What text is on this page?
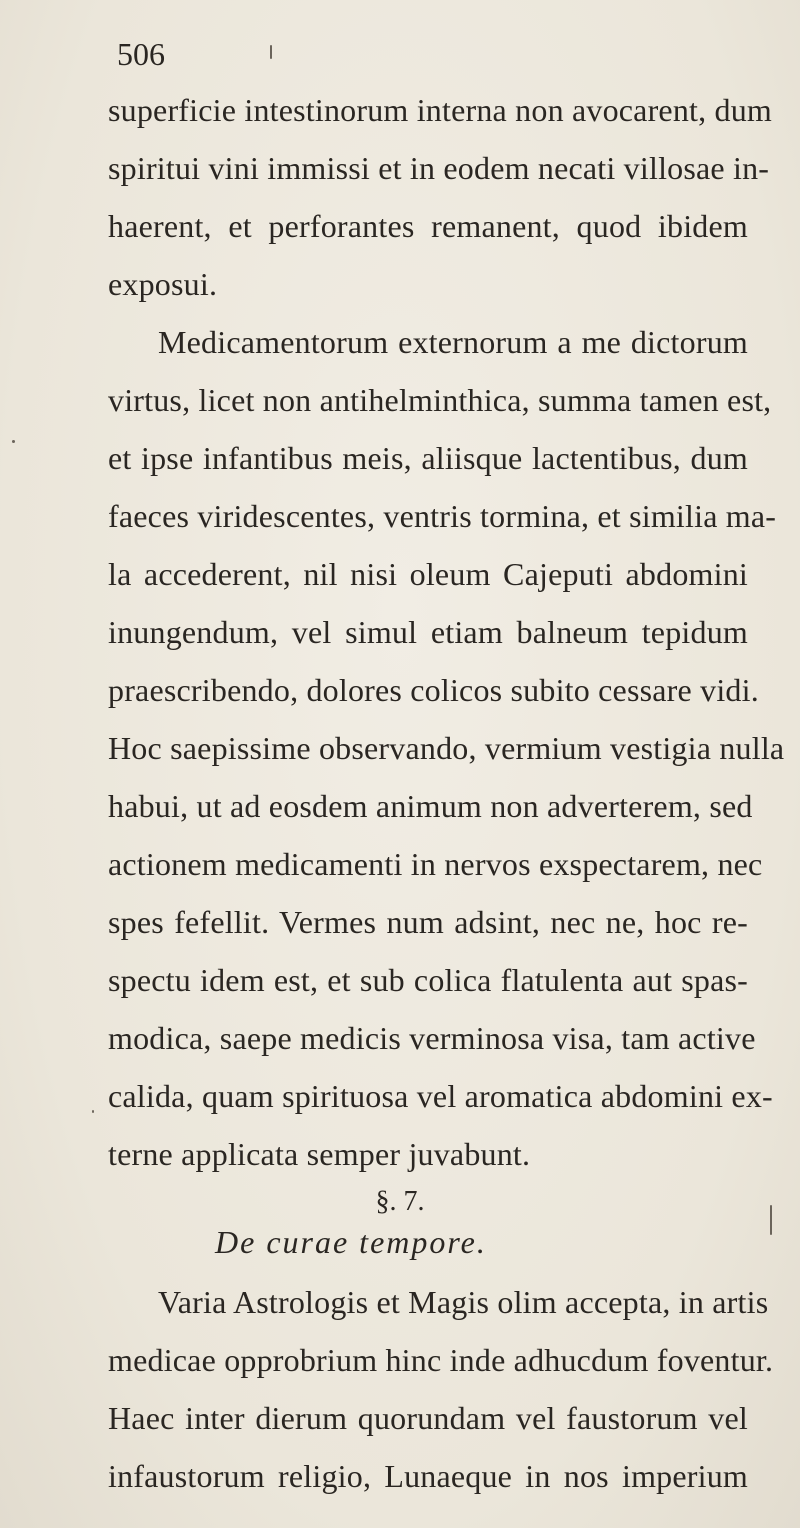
506
superficie intestinorum interna non avocarent, dum
spiritui vini immissi et in eodem necati villosae in-
haerent, et perforantes remanent, quod ibidem
exposui.
Medicamentorum externorum a me dictorum
virtus, licet non antihelminthica, summa tamen est,
et ipse infantibus meis, aliisque lactentibus, dum
faeces viridescentes, ventris tormina, et similia ma-
la accederent, nil nisi oleum Cajeputi abdomini
inungendum, vel simul etiam balneum tepidum
praescribendo, dolores colicos subito cessare vidi.
Hoc saepissime observando, vermium vestigia nulla
habui, ut ad eosdem animum non adverterem, sed
actionem medicamenti in nervos exspectarem, nec
spes fefellit. Vermes num adsint, nec ne, hoc re-
spectu idem est, et sub colica flatulenta aut spas-
modica, saepe medicis verminosa visa, tam active
calida, quam spirituosa vel aromatica abdomini ex-
terne applicata semper juvabunt.
§. 7.
De curae tempore.
Varia Astrologis et Magis olim accepta, in artis
medicae opprobrium hinc inde adhucdum foventur.
Haec inter dierum quorundam vel faustorum vel
infaustorum religio, Lunaeque in nos imperium
